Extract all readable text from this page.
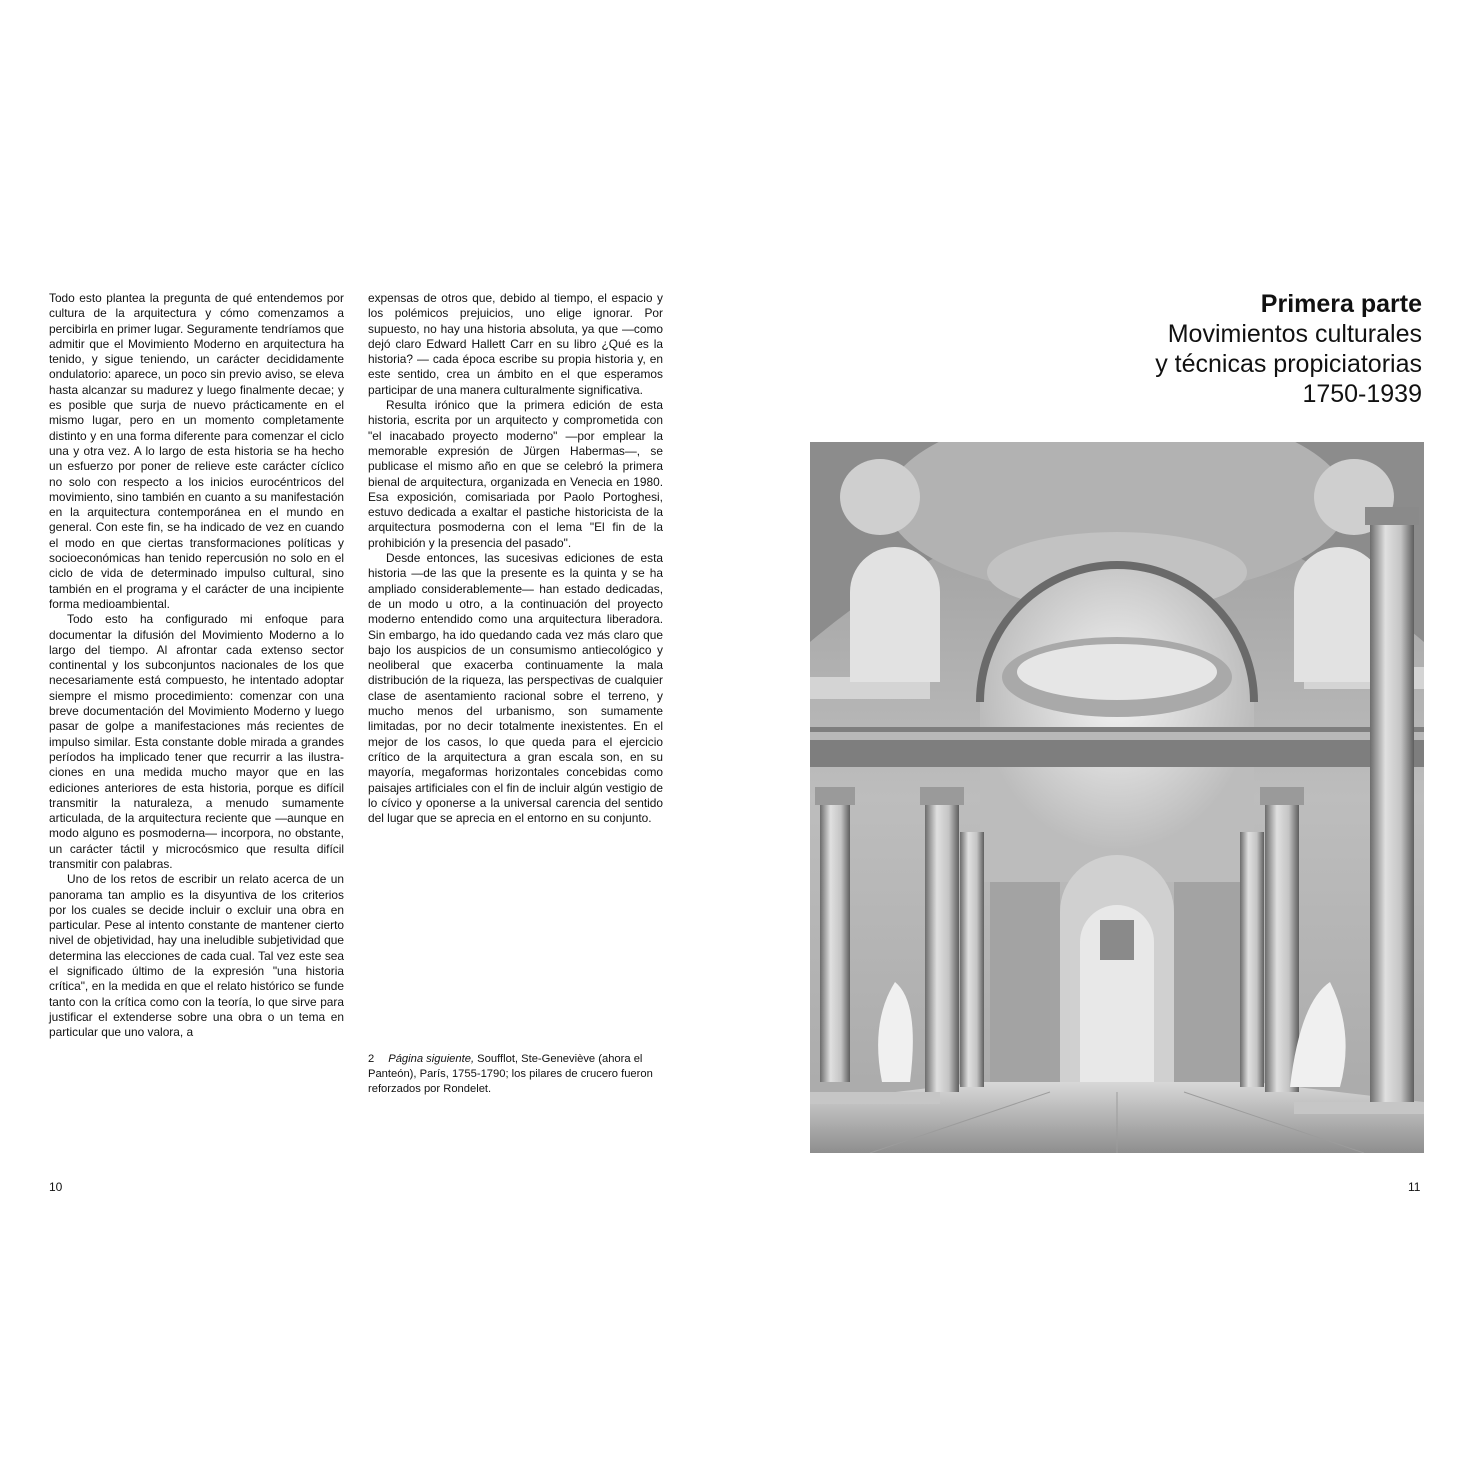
Todo esto plantea la pregunta de qué entendemos por cultura de la arquitectura y cómo comenzamos a percibirla en primer lugar. Seguramente tendríamos que admitir que el Movimiento Moderno en arquitectura ha tenido, y sigue teniendo, un carácter decididamente ondulatorio: aparece, un poco sin previo aviso, se eleva hasta alcanzar su madurez y luego finalmente decae; y es posible que surja de nuevo prácticamente en el mismo lugar, pero en un momento completamente distinto y en una forma diferente para comenzar el ciclo una y otra vez. A lo largo de esta historia se ha hecho un esfuerzo por poner de relieve este carácter cíclico no solo con respecto a los inicios eurocéntricos del movimiento, sino también en cuanto a su manifestación en la arquitectura contemporánea en el mundo en general. Con este fin, se ha indicado de vez en cuando el modo en que ciertas transformaciones políticas y socioeconómicas han tenido repercusión no solo en el ciclo de vida de determinado impulso cultural, sino también en el programa y el carácter de una incipiente forma medioambiental.

Todo esto ha configurado mi enfoque para documentar la difusión del Movimiento Moderno a lo largo del tiempo. Al afrontar cada extenso sector continental y los subconjuntos nacionales de los que necesariamente está compuesto, he intentado adoptar siempre el mismo procedimiento: comenzar con una breve documentación del Movimiento Moderno y luego pasar de golpe a manifestaciones más recientes de impulso similar. Esta constante doble mirada a grandes períodos ha implicado tener que recurrir a las ilustraciones en una medida mucho mayor que en las ediciones anteriores de esta historia, porque es difícil transmitir la naturaleza, a menudo sumamente articulada, de la arquitectura reciente que —aunque en modo alguno es posmoderna— incorpora, no obstante, un carácter táctil y microcósmico que resulta difícil transmitir con palabras.

Uno de los retos de escribir un relato acerca de un panorama tan amplio es la disyuntiva de los criterios por los cuales se decide incluir o excluir una obra en particular. Pese al intento constante de mantener cierto nivel de objetividad, hay una ineludible subjetividad que determina las elecciones de cada cual. Tal vez este sea el significado último de la expresión "una historia crítica", en la medida en que el relato histórico se funde tanto con la crítica como con la teoría, lo que sirve para justificar el extenderse sobre una obra o un tema en particular que uno valora, a

expensas de otros que, debido al tiempo, el espacio y los polémicos prejuicios, uno elige ignorar. Por supuesto, no hay una historia absoluta, ya que —como dejó claro Edward Hallett Carr en su libro ¿Qué es la historia? — cada época escribe su propia historia y, en este sentido, crea un ámbito en el que esperamos participar de una manera culturalmente significativa.

Resulta irónico que la primera edición de esta historia, escrita por un arquitecto y comprometida con "el inacabado proyecto moderno" —por emplear la memorable expresión de Jürgen Habermas—, se publicase el mismo año en que se celebró la primera bienal de arquitectura, organizada en Venecia en 1980. Esa exposición, comisariada por Paolo Portoghesi, estuvo dedicada a exaltar el pastiche historicista de la arquitectura posmoderna con el lema "El fin de la prohibición y la presencia del pasado".

Desde entonces, las sucesivas ediciones de esta historia —de las que la presente es la quinta y se ha ampliado considerablemente— han estado dedicadas, de un modo u otro, a la continuación del proyecto moderno entendido como una arquitectura liberadora. Sin embargo, ha ido quedando cada vez más claro que bajo los auspicios de un consumismo antiecológico y neoliberal que exacerba continuamente la mala distribución de la riqueza, las perspectivas de cualquier clase de asentamiento racional sobre el terreno, y mucho menos del urbanismo, son sumamente limitadas, por no decir totalmente inexistentes. En el mejor de los casos, lo que queda para el ejercicio crítico de la arquitectura a gran escala son, en su mayoría, megaformas horizontales concebidas como paisajes artificiales con el fin de incluir algún vestigio de lo cívico y oponerse a la universal carencia del sentido del lugar que se aprecia en el entorno en su conjunto.

2 Página siguiente, Soufflot, Ste-Geneviève (ahora el Panteón), París, 1755-1790; los pilares de crucero fueron reforzados por Rondelet.
10	11
Primera parte
Movimientos culturales
y técnicas propiciatorias
1750-1939
